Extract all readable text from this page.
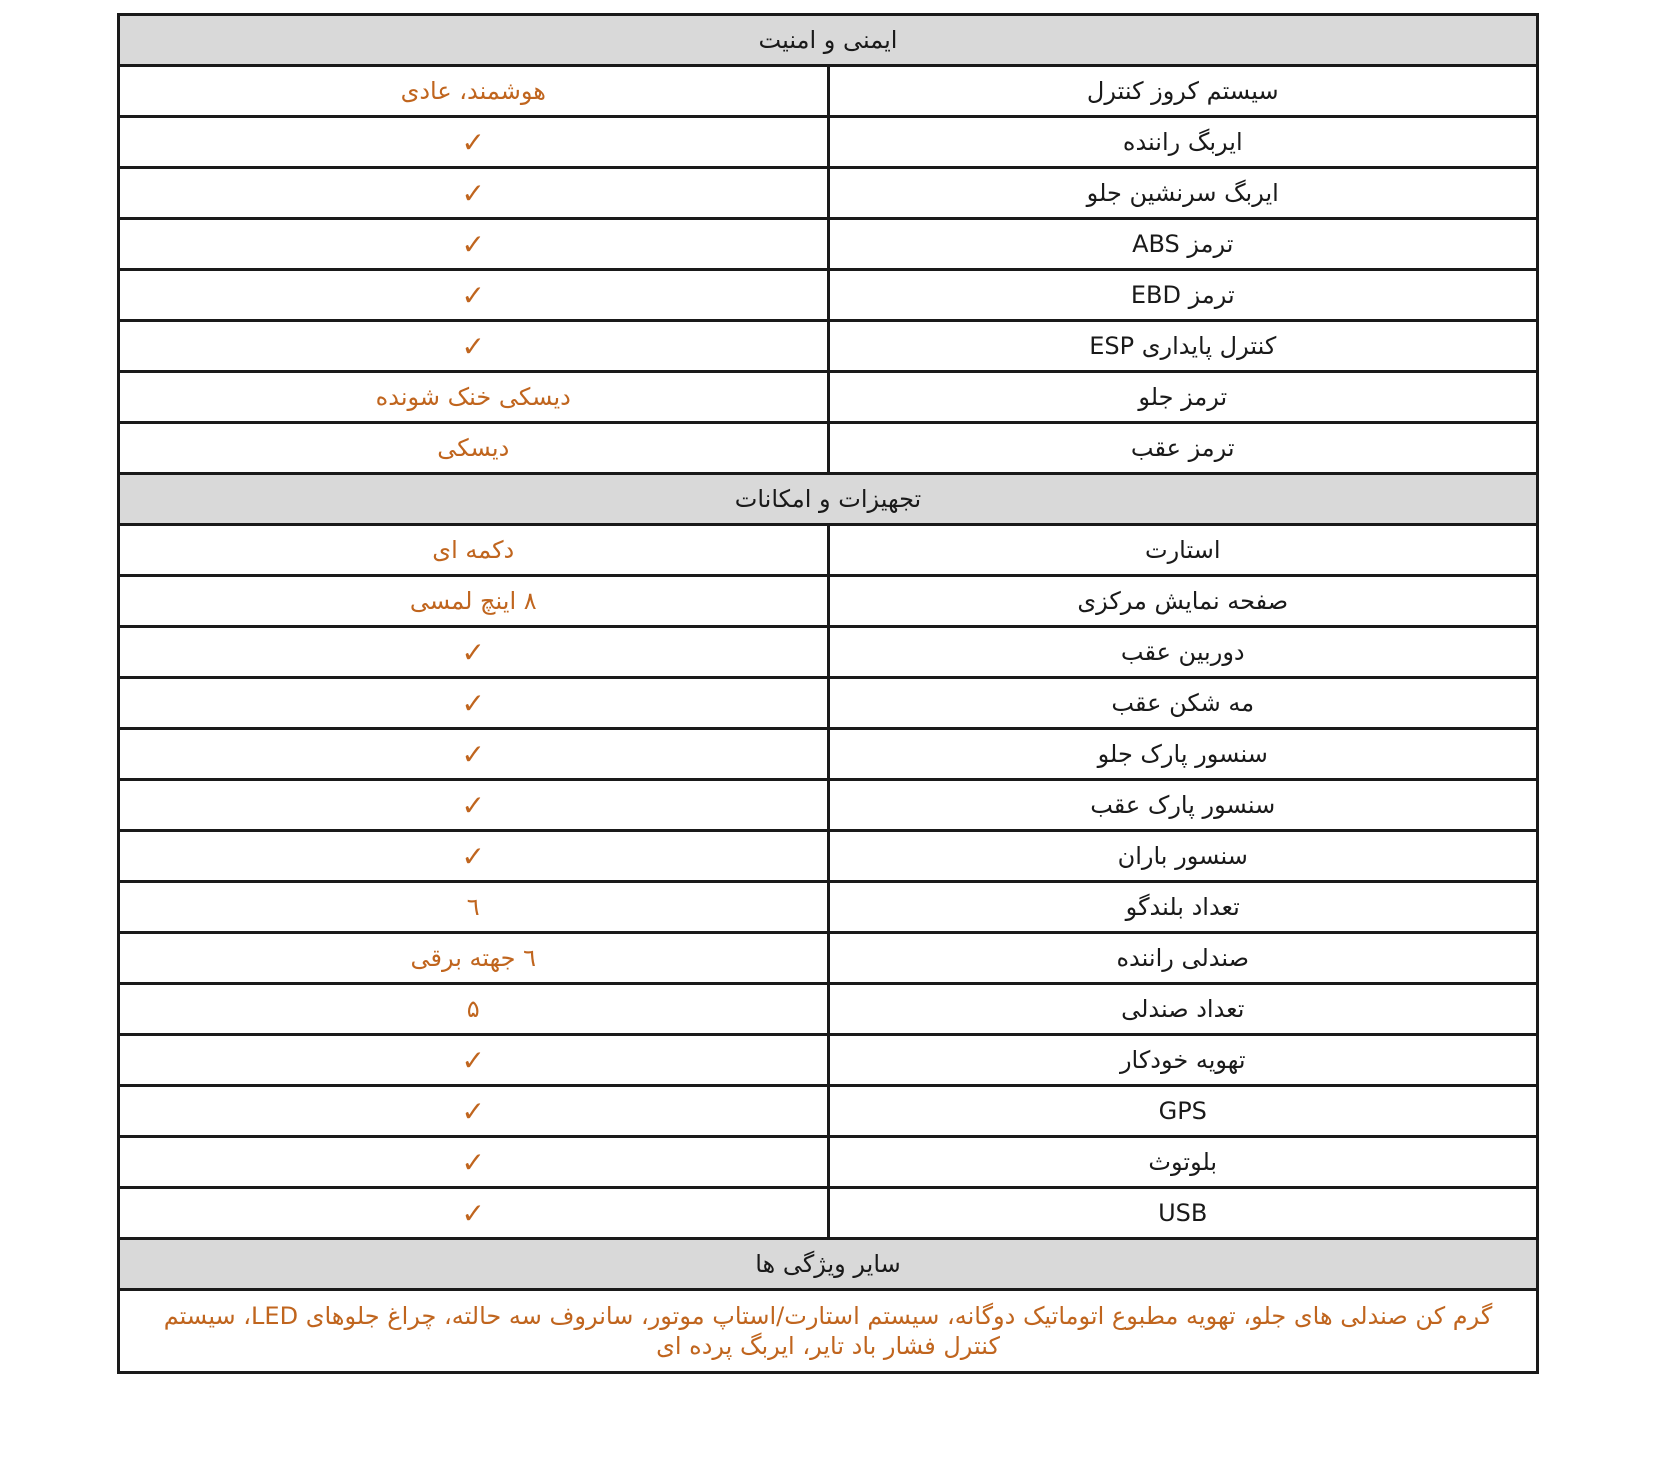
ایمنی و امنیت	
سیستم کروز کنترل	هوشمند، عادی
ایربگ راننده	✓
ایربگ سرنشین جلو	✓
ترمز ABS	✓
ترمز EBD	✓
کنترل پایداری ESP	✓
ترمز جلو	دیسکی خنک شونده
ترمز عقب	دیسکی
تجهیزات و امکانات	
استارت	دکمه ای
صفحه نمایش مرکزی	۸ اینچ لمسی
دوربین عقب	✓
مه شکن عقب	✓
سنسور پارک جلو	✓
سنسور پارک عقب	✓
سنسور باران	✓
تعداد بلندگو	٦
صندلی راننده	٦ جهته برقی
تعداد صندلی	۵
تهویه خودکار	✓
GPS	✓
بلوتوث	✓
USB	✓
سایر ویژگی ها	
گرم کن صندلی های جلو، تهویه مطبوع اتوماتیک دوگانه، سیستم استارت/استاپ موتور، سانروف سه حالته، چراغ جلوهای LED، سیستم کنترل فشار باد تایر، ایربگ پرده ای	
